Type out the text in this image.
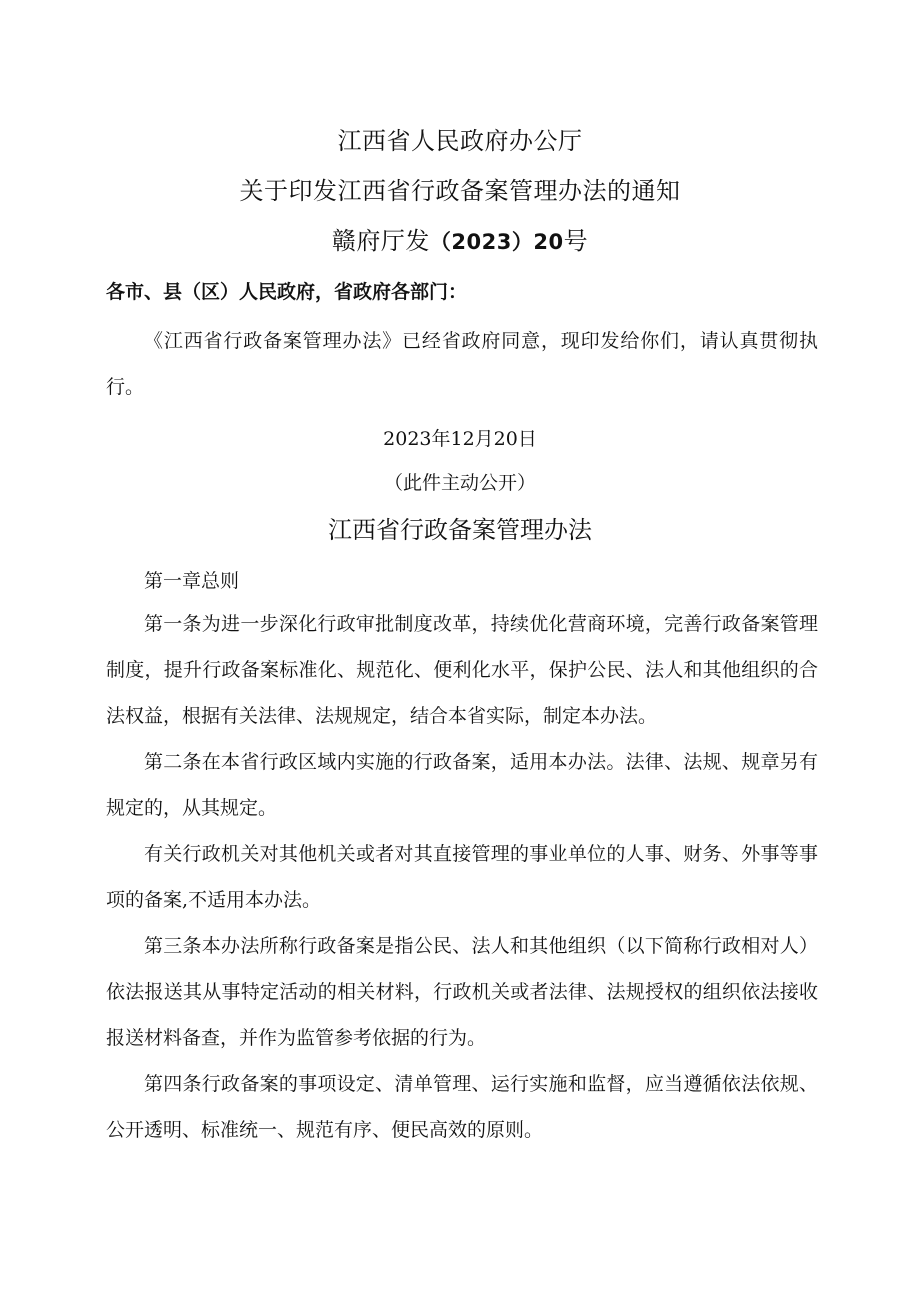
江西省人民政府办公厅
关于印发江西省行政备案管理办法的通知
赣府厅发（2023）20号
各市、县（区）人民政府，省政府各部门：

《江西省行政备案管理办法》已经省政府同意，现印发给你们，请认真贯彻执行。

2023年12月20日
（此件主动公开）
江西省行政备案管理办法
第一章总则

第一条为进一步深化行政审批制度改革，持续优化营商环境，完善行政备案管理制度，提升行政备案标准化、规范化、便利化水平，保护公民、法人和其他组织的合法权益，根据有关法律、法规规定，结合本省实际，制定本办法。

第二条在本省行政区域内实施的行政备案，适用本办法。法律、法规、规章另有规定的，从其规定。

有关行政机关对其他机关或者对其直接管理的事业单位的人事、财务、外事等事项的备案,不适用本办法。

第三条本办法所称行政备案是指公民、法人和其他组织（以下简称行政相对人）依法报送其从事特定活动的相关材料，行政机关或者法律、法规授权的组织依法接收报送材料备查，并作为监管参考依据的行为。

第四条行政备案的事项设定、清单管理、运行实施和监督，应当遵循依法依规、公开透明、标准统一、规范有序、便民高效的原则。
